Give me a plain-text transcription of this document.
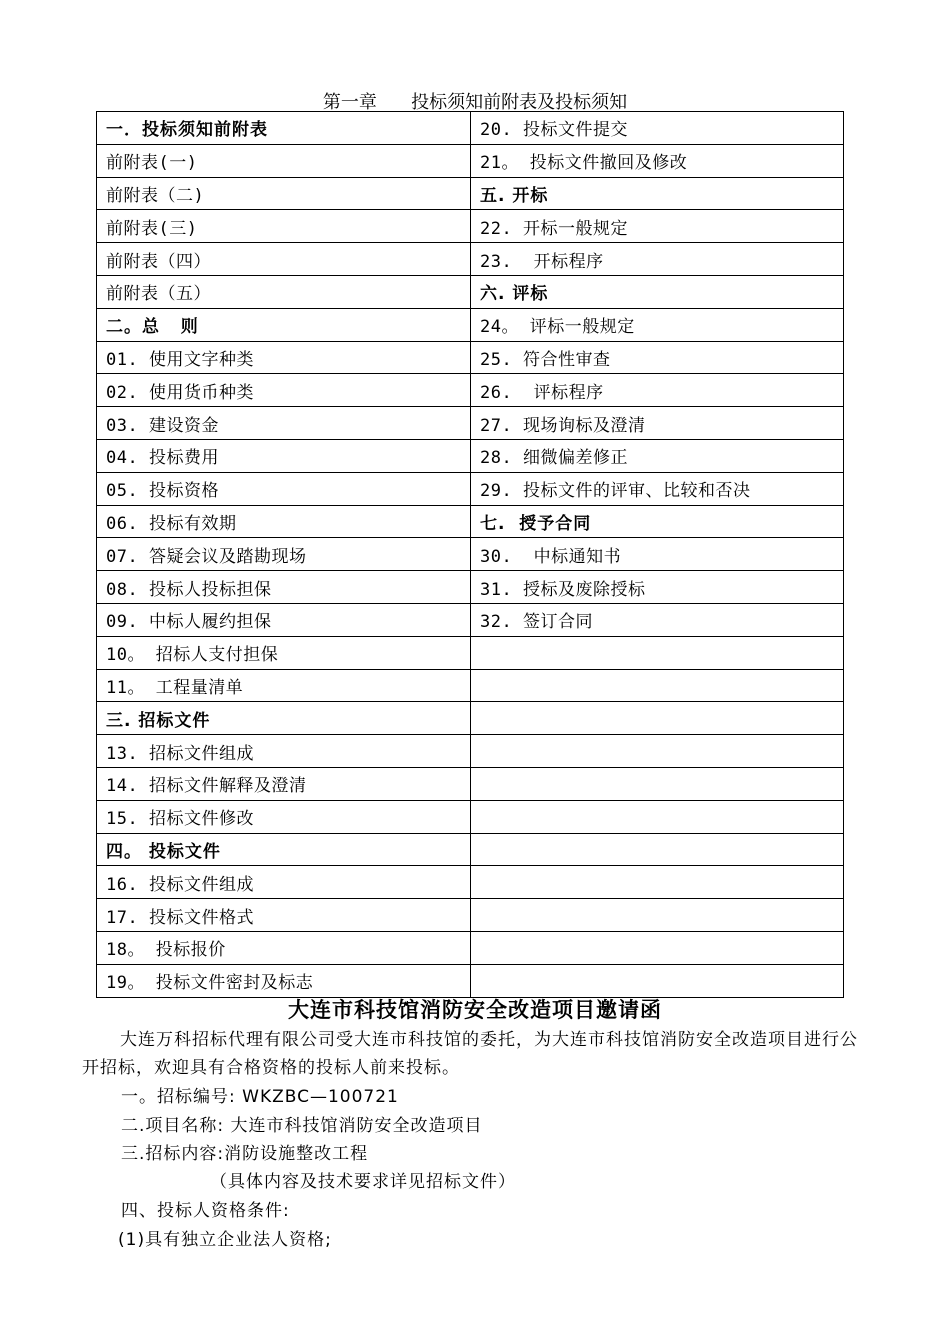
第一章      投标须知前附表及投标须知
一．投标须知前附表	20. 投标文件提交
前附表(一)	21。 投标文件撤回及修改
前附表（二)	五. 开标
前附表(三)	22. 开标一般规定
前附表（四）	23.  开标程序
前附表（五）	六. 评标
二。总   则	24。 评标一般规定
01. 使用文字种类	25. 符合性审查
02. 使用货币种类	26.  评标程序
03. 建设资金	27. 现场询标及澄清
04. 投标费用	28. 细微偏差修正
05. 投标资格	29. 投标文件的评审、比较和否决
06. 投标有效期	七.  授予合同
07. 答疑会议及踏勘现场	30.  中标通知书
08. 投标人投标担保	31. 授标及废除授标
09. 中标人履约担保	32. 签订合同
10。 招标人支付担保	
11。 工程量清单	
三. 招标文件	
13. 招标文件组成	
14. 招标文件解释及澄清	
15. 招标文件修改	
四。 投标文件	
16. 投标文件组成	
17. 投标文件格式	
18。 投标报价	
19。 投标文件密封及标志	
大连市科技馆消防安全改造项目邀请函
大连万科招标代理有限公司受大连市科技馆的委托，为大连市科技馆消防安全改造项目进行公开招标，欢迎具有合格资格的投标人前来投标。
一。招标编号: WKZBC—100721
二.项目名称: 大连市科技馆消防安全改造项目
三.招标内容:消防设施整改工程
（具体内容及技术要求详见招标文件）
四、投标人资格条件:
(1)具有独立企业法人资格;
